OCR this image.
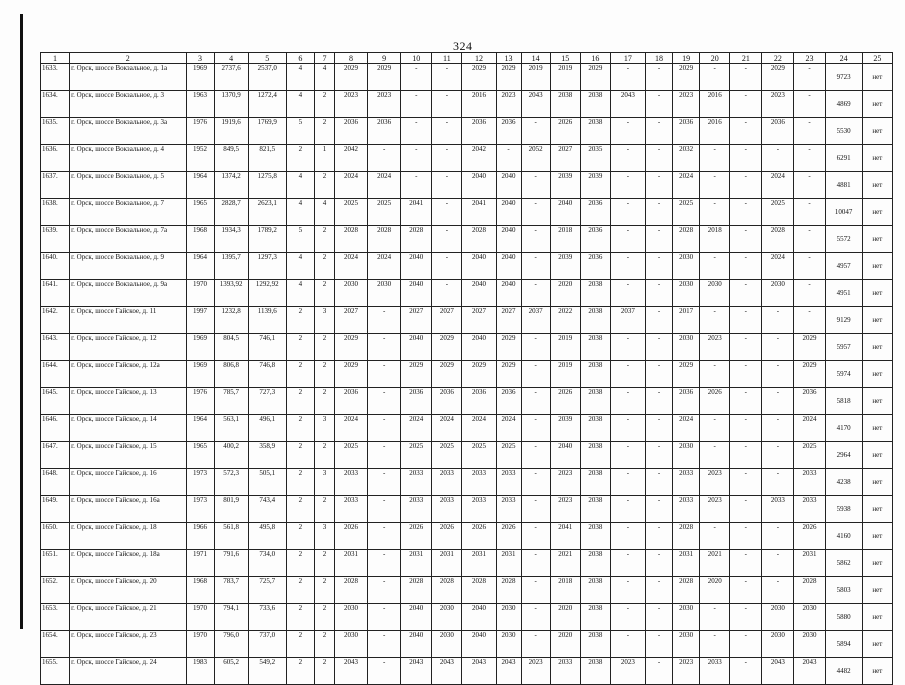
324
1	2	3	4	5	6	7	8	9	10	11	12	13	14	15	16	17	18	19	20	21	22	23	24	25
1633.	г. Орск, шоссе Вокзальное, д. 1а	1969	2737,6	2537,0	4	4	2029	2029	-	-	2029	2029	2019	2019	2029	-	-	2029	-	-	2029	-	9723	нет
1634.	г. Орск, шоссе Вокзальное, д. 3	1963	1370,9	1272,4	4	2	2023	2023	-	-	2016	2023	2043	2038	2038	2043	-	2023	2016	-	2023	-	4869	нет
1635.	г. Орск, шоссе Вокзальное, д. 3а	1976	1919,6	1769,9	5	2	2036	2036	-	-	2036	2036	-	2026	2038	-	-	2036	2016	-	2036	-	5530	нет
1636.	г. Орск, шоссе Вокзальное, д. 4	1952	849,5	821,5	2	1	2042	-	-	-	2042	-	2052	2027	2035	-	-	2032	-	-	-	-	6291	нет
1637.	г. Орск, шоссе Вокзальное, д. 5	1964	1374,2	1275,8	4	2	2024	2024	-	-	2040	2040	-	2039	2039	-	-	2024	-	-	2024	-	4881	нет
1638.	г. Орск, шоссе Вокзальное, д. 7	1965	2828,7	2623,1	4	4	2025	2025	2041	-	2041	2040	-	2040	2036	-	-	2025	-	-	2025	-	10047	нет
1639.	г. Орск, шоссе Вокзальное, д. 7а	1968	1934,3	1789,2	5	2	2028	2028	2028	-	2028	2040	-	2018	2036	-	-	2028	2018	-	2028	-	5572	нет
1640.	г. Орск, шоссе Вокзальное, д. 9	1964	1395,7	1297,3	4	2	2024	2024	2040	-	2040	2040	-	2039	2036	-	-	2030	-	-	2024	-	4957	нет
1641.	г. Орск, шоссе Вокзальное, д. 9а	1970	1393,92	1292,92	4	2	2030	2030	2040	-	2040	2040	-	2020	2038	-	-	2030	2030	-	2030	-	4951	нет
1642.	г. Орск, шоссе Гайское, д. 11	1997	1232,8	1139,6	2	3	2027	-	2027	2027	2027	2027	2037	2022	2038	2037	-	2017	-	-	-	-	9129	нет
1643.	г. Орск, шоссе Гайское, д. 12	1969	804,5	746,1	2	2	2029	-	2040	2029	2040	2029	-	2019	2038	-	-	2030	2023	-	-	2029	5957	нет
1644.	г. Орск, шоссе Гайское, д. 12а	1969	806,8	746,8	2	2	2029	-	2029	2029	2029	2029	-	2019	2038	-	-	2029	-	-	-	2029	5974	нет
1645.	г. Орск, шоссе Гайское, д. 13	1976	785,7	727,3	2	2	2036	-	2036	2036	2036	2036	-	2026	2038	-	-	2036	2026	-	-	2036	5818	нет
1646.	г. Орск, шоссе Гайское, д. 14	1964	563,1	496,1	2	3	2024	-	2024	2024	2024	2024	-	2039	2038	-	-	2024	-	-	-	2024	4170	нет
1647.	г. Орск, шоссе Гайское, д. 15	1965	400,2	358,9	2	2	2025	-	2025	2025	2025	2025	-	2040	2038	-	-	2030	-	-	-	2025	2964	нет
1648.	г. Орск, шоссе Гайское, д. 16	1973	572,3	505,1	2	3	2033	-	2033	2033	2033	2033	-	2023	2038	-	-	2033	2023	-	-	2033	4238	нет
1649.	г. Орск, шоссе Гайское, д. 16а	1973	801,9	743,4	2	2	2033	-	2033	2033	2033	2033	-	2023	2038	-	-	2033	2023	-	2033	2033	5938	нет
1650.	г. Орск, шоссе Гайское, д. 18	1966	561,8	495,8	2	3	2026	-	2026	2026	2026	2026	-	2041	2038	-	-	2028	-	-	-	2026	4160	нет
1651.	г. Орск, шоссе Гайское, д. 18а	1971	791,6	734,0	2	2	2031	-	2031	2031	2031	2031	-	2021	2038	-	-	2031	2021	-	-	2031	5862	нет
1652.	г. Орск, шоссе Гайское, д. 20	1968	783,7	725,7	2	2	2028	-	2028	2028	2028	2028	-	2018	2038	-	-	2028	2020	-	-	2028	5803	нет
1653.	г. Орск, шоссе Гайское, д. 21	1970	794,1	733,6	2	2	2030	-	2040	2030	2040	2030	-	2020	2038	-	-	2030	-	-	2030	2030	5880	нет
1654.	г. Орск, шоссе Гайское, д. 23	1970	796,0	737,0	2	2	2030	-	2040	2030	2040	2030	-	2020	2038	-	-	2030	-	-	2030	2030	5894	нет
1655.	г. Орск, шоссе Гайское, д. 24	1983	605,2	549,2	2	2	2043	-	2043	2043	2043	2043	2023	2033	2038	2023	-	2023	2033	-	2043	2043	4482	нет
